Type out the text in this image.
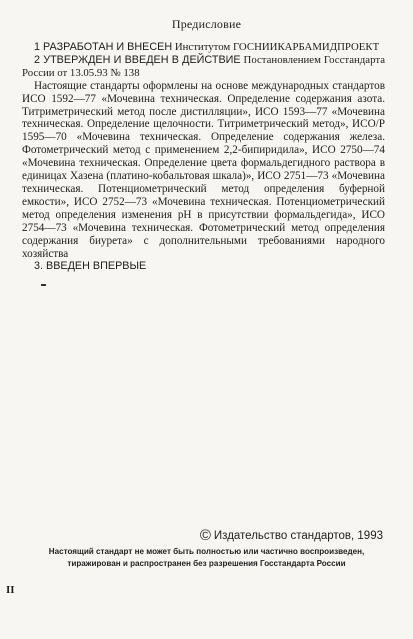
Предисловие

1 РАЗРАБОТАН И ВНЕСЕН Институтом ГОСНИИКАРБАМИДПРОЕКТ

2 УТВЕРЖДЕН И ВВЕДЕН В ДЕЙСТВИЕ Постановлением Госстандарта России от 13.05.93 № 138

Настоящие стандарты оформлены на основе международных стандартов ИСО 1592—77 «Мочевина техническая. Определение содержания азота. Титриметрический метод после дистилляции», ИСО 1593—77 «Мочевина техническая. Определение щелочности. Титриметрический метод», ИСО/Р 1595—70 «Мочевина техническая. Определение содержания железа. Фотометрический метод с применением 2,2-бипиридила», ИСО 2750—74 «Мочевина техническая. Определение цвета формальдегидного раствора в единицах Хазена (платино-кобальтовая шкала)», ИСО 2751—73 «Мочевина техническая. Потенциометрический метод определения буферной емкости», ИСО 2752—73 «Мочевина техническая. Потенциометрический метод определения изменения рН в присутствии формальдегида», ИСО 2754—73 «Мочевина техническая. Фотометрический метод определения содержания биурета» с дополнительными требованиями народного хозяйства

3. ВВЕДЕН ВПЕРВЫЕ

© Издательство стандартов, 1993
Настоящий стандарт не может быть полностью или частично воспроизведен,
тиражирован и распространен без разрешения Госстандарта России
II
